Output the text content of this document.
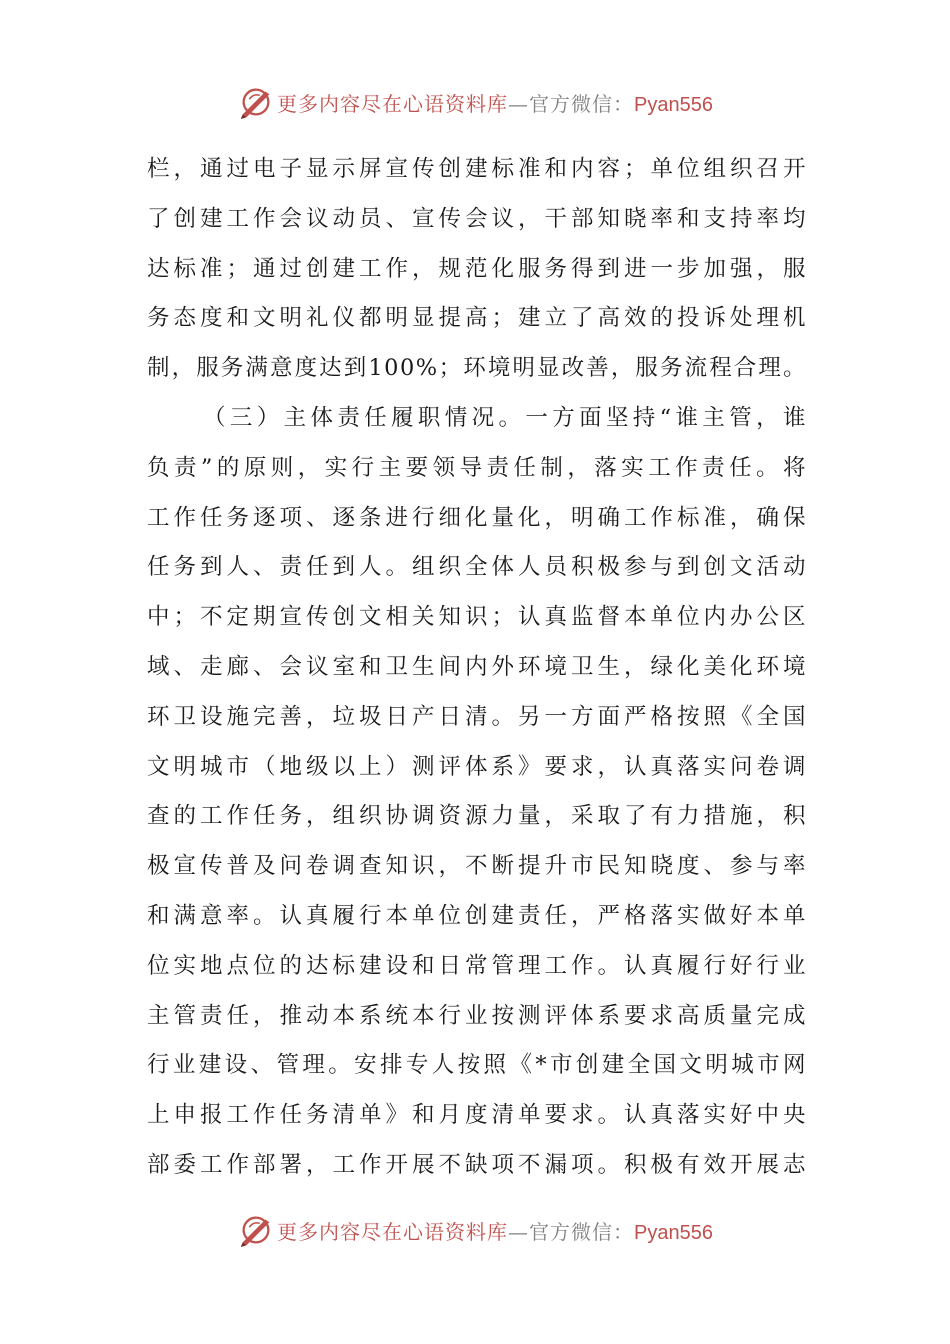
更多内容尽在心语资料库—官方微信：Pyan556
栏，通过电子显示屏宣传创建标准和内容；单位组织召开
了创建工作会议动员、宣传会议，干部知晓率和支持率均
达标准；通过创建工作，规范化服务得到进一步加强，服
务态度和文明礼仪都明显提高；建立了高效的投诉处理机
制，服务满意度达到100%；环境明显改善，服务流程合理。
（三）主体责任履职情况。一方面坚持“谁主管，谁
负责”的原则，实行主要领导责任制，落实工作责任。将
工作任务逐项、逐条进行细化量化，明确工作标准，确保
任务到人、责任到人。组织全体人员积极参与到创文活动
中；不定期宣传创文相关知识；认真监督本单位内办公区
域、走廊、会议室和卫生间内外环境卫生，绿化美化环境
环卫设施完善，垃圾日产日清。另一方面严格按照《全国
文明城市（地级以上）测评体系》要求，认真落实问卷调
查的工作任务，组织协调资源力量，采取了有力措施，积
极宣传普及问卷调查知识，不断提升市民知晓度、参与率
和满意率。认真履行本单位创建责任，严格落实做好本单
位实地点位的达标建设和日常管理工作。认真履行好行业
主管责任，推动本系统本行业按测评体系要求高质量完成
行业建设、管理。安排专人按照《*市创建全国文明城市网
上申报工作任务清单》和月度清单要求。认真落实好中央
部委工作部署，工作开展不缺项不漏项。积极有效开展志
更多内容尽在心语资料库—官方微信：Pyan556
